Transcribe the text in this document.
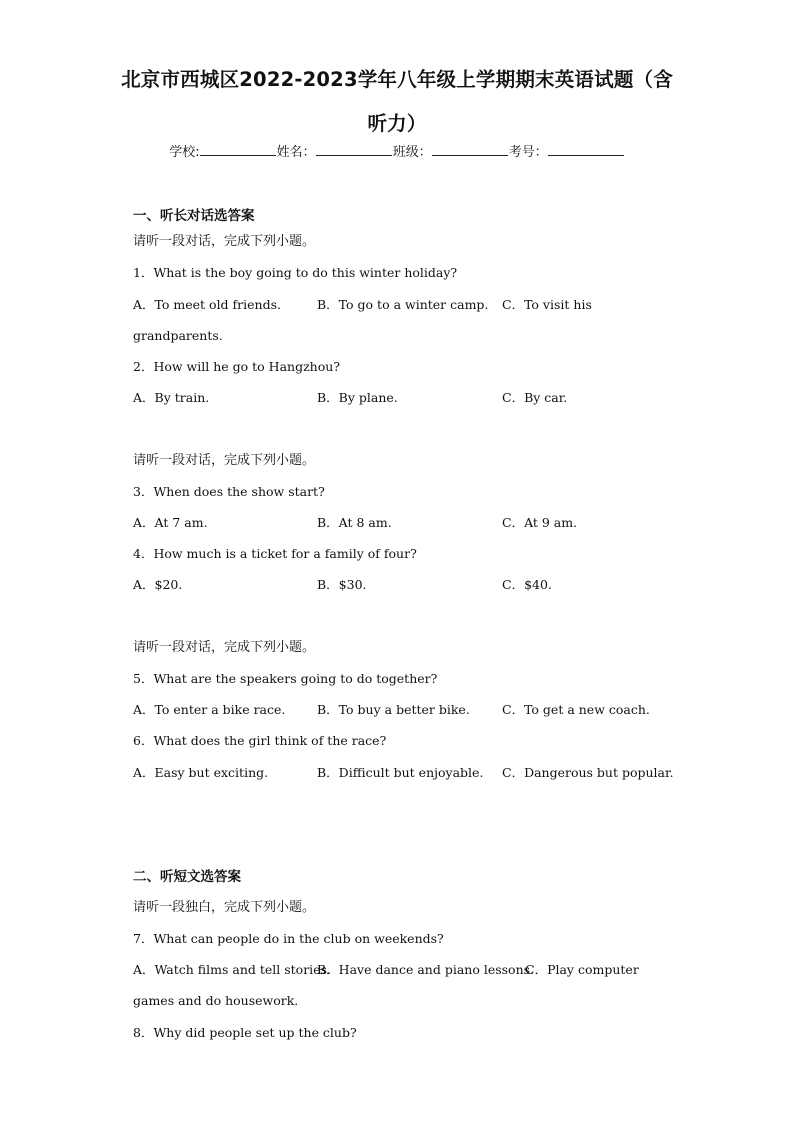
北京市西城区2022-2023学年八年级上学期期末英语试题（含
听力）
学校:	姓名：	班级：	考号：
一、听长对话选答案
请听一段对话，完成下列小题。
1．What is the boy going to do this winter holiday?
A．To meet old friends.	B．To go to a winter camp. C．To visit his
grandparents.
2．How will he go to Hangzhou?
A．By train.	B．By plane.	C．By car.
请听一段对话，完成下列小题。
3．When does the show start?
A．At 7 am.	B．At 8 am.	C．At 9 am.
4．How much is a ticket for a family of four?
A．$20.	B．$30.	C．$40.
请听一段对话，完成下列小题。
5．What are the speakers going to do together?
A．To enter a bike race.	B．To buy a better bike.	C．To get a new coach.
6．What does the girl think of the race?
A．Easy but exciting.	B．Difficult but enjoyable. C．Dangerous but popular.
二、听短文选答案
请听一段独白，完成下列小题。
7．What can people do in the club on weekends?
A．Watch films and tell stories.
B．Have dance and piano lessons.
C．Play computer
games and do housework.
8．Why did people set up the club?
